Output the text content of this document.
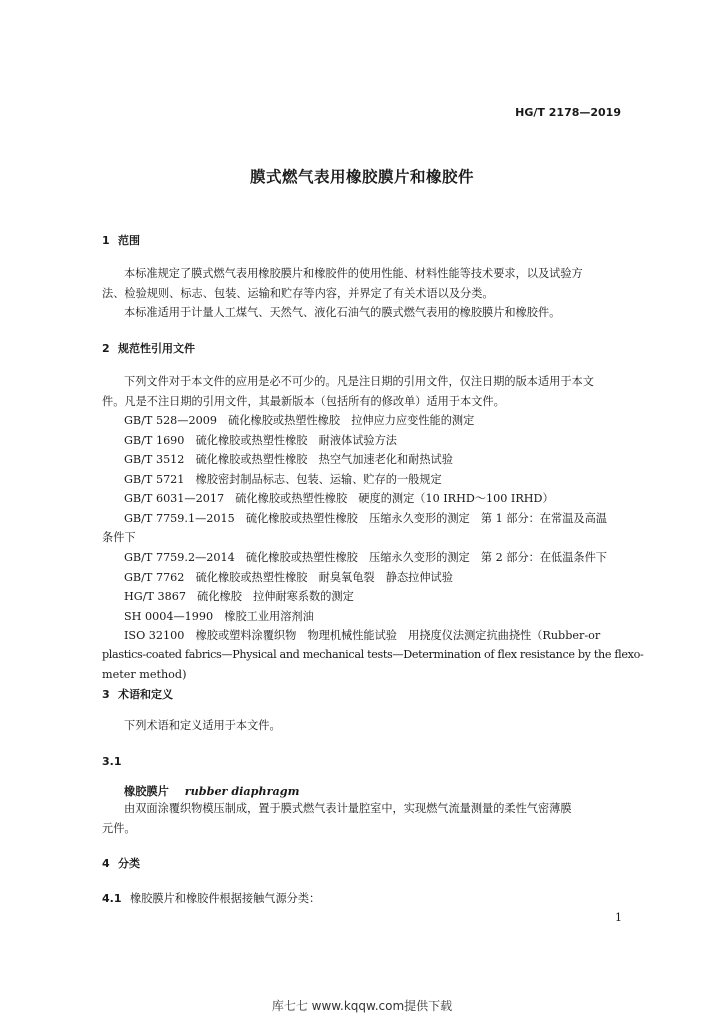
HG/T 2178—2019
膜式燃气表用橡胶膜片和橡胶件
1 范围
本标准规定了膜式燃气表用橡胶膜片和橡胶件的使用性能、材料性能等技术要求，以及试验方
法、检验规则、标志、包装、运输和贮存等内容，并界定了有关术语以及分类。
本标准适用于计量人工煤气、天然气、液化石油气的膜式燃气表用的橡胶膜片和橡胶件。
2 规范性引用文件
下列文件对于本文件的应用是必不可少的。凡是注日期的引用文件，仅注日期的版本适用于本文
件。凡是不注日期的引用文件，其最新版本（包括所有的修改单）适用于本文件。
GB/T 528—2009　硫化橡胶或热塑性橡胶　拉伸应力应变性能的测定
GB/T 1690　硫化橡胶或热塑性橡胶　耐液体试验方法
GB/T 3512　硫化橡胶或热塑性橡胶　热空气加速老化和耐热试验
GB/T 5721　橡胶密封制品标志、包装、运输、贮存的一般规定
GB/T 6031—2017　硫化橡胶或热塑性橡胶　硬度的测定（10 IRHD～100 IRHD）
GB/T 7759.1—2015　硫化橡胶或热塑性橡胶　压缩永久变形的测定　第 1 部分：在常温及高温
条件下
GB/T 7759.2—2014　硫化橡胶或热塑性橡胶　压缩永久变形的测定　第 2 部分：在低温条件下
GB/T 7762　硫化橡胶或热塑性橡胶　耐臭氧龟裂　静态拉伸试验
HG/T 3867　硫化橡胶　拉伸耐寒系数的测定
SH 0004—1990　橡胶工业用溶剂油
ISO 32100　橡胶或塑料涂覆织物　物理机械性能试验　用挠度仪法测定抗曲挠性（Rubber-or
plastics-coated fabrics—Physical and mechanical tests—Determination of flex resistance by the flexo-
meter method)
3 术语和定义
下列术语和定义适用于本文件。
3.1
橡胶膜片 rubber diaphragm
由双面涂覆织物模压制成，置于膜式燃气表计量腔室中，实现燃气流量测量的柔性气密薄膜
元件。
4 分类
4.1 橡胶膜片和橡胶件根据接触气源分类：
1
库七七 www.kqqw.com提供下载
